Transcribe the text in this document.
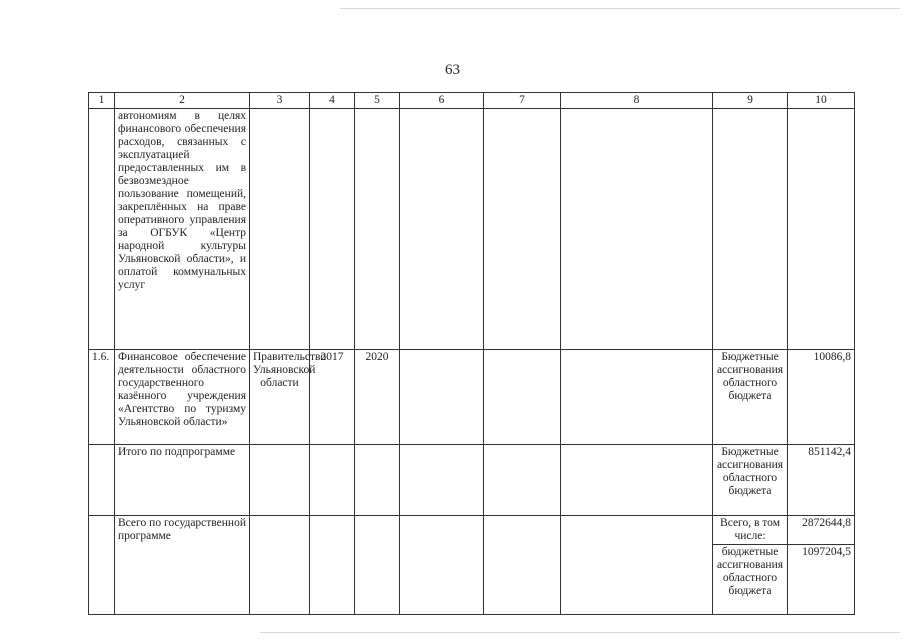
63
1	2	3	4	5	6	7	8	9	10
	автономиям в целях финансового обеспечения расходов, связанных с эксплуатацией предоставленных им в безвозмездное пользование помещений, закреплённых на праве оперативного управления за ОГБУК «Центр народной культуры Ульяновской области», и оплатой коммунальных услуг								
1.6.	Финансовое обеспечение деятельности областного государственного казённого учреждения «Агентство по туризму Ульяновской области»	Правительство Ульяновской области	2017	2020				Бюджетные ассигнования областного бюджета	10086,8
	Итого по подпрограмме							Бюджетные ассигнования областного бюджета	851142,4
	Всего по государственной программе							Всего, в том числе:	2872644,8
								бюджетные ассигнования областного бюджета	1097204,5
